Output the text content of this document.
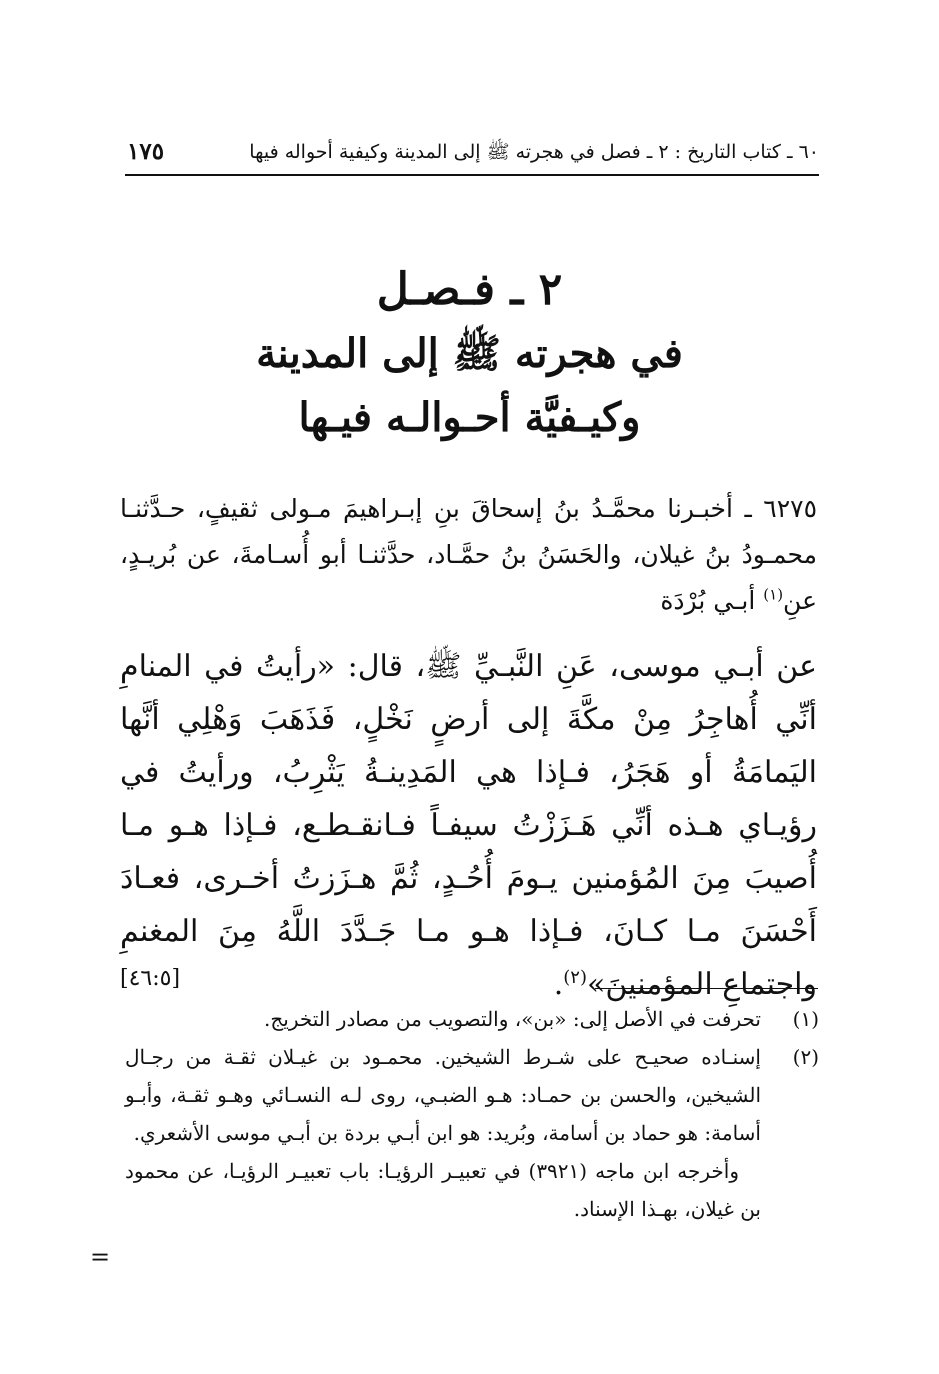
٦٠ ـ كتاب التاريخ : ٢ ـ فصل في هجرته ﷺ إلى المدينة وكيفية أحواله فيها
١٧٥
٢ ـ فـصـل
في هجرته ﷺ إلى المدينة
وكيـفيَّة أحـوالـه فيـها

٦٢٧٥ ـ أخبـرنا محمَّـدُ بنُ إسحاقَ بنِ إبـراهيمَ مـولى ثقيفٍ، حـدَّثنـا محمـودُ بنُ غيلان، والحَسَنُ بنُ حمَّـاد، حدَّثنـا أبو أُسـامةَ، عن بُريـدٍ، عنِ$^{(١)}$ أبـي بُرْدَة

عن أبـي موسى، عَنِ النَّبـيِّ ﷺ، قال: «رأيتُ في المنامِ أنِّي أُهاجِرُ مِنْ مكَّةَ إلى أرضٍ نَخْلٍ، فَذَهَبَ وَهْلِي أنَّها اليَمامَةُ أو هَجَرُ، فـإذا هي المَدِينـةُ يَثْرِبُ، ورأيتُ في رؤيـاي هـذه أنِّي هَـزَزْتُ سيفـاً فـانقـطـع، فـإذا هـو مـا أُصيبَ مِنَ المُؤمنين يـومَ أُحُـدٍ، ثُمَّ هـزَزتُ أخـرى، فعـادَ أَحْسَنَ مـا كـانَ، فـإذا هـو مـا جَـدَّدَ اللَّهُ مِنَ المغنمِ واجتماعِ المؤمنينَ»$^{(٢)}$.

[٤٦:٥]

(١)
تحرفت في الأصل إلى: «بن»، والتصويب من مصادر التخريج.

(٢)
إسنـاده صحيـح على شـرط الشيخين. محمـود بن غيـلان ثقـة من رجـال الشيخين، والحسن بن حمـاد: هـو الضبـي، روى لـه النسـائي وهـو ثقـة، وأبـو أسامة: هو حماد بن أسامة، وبُريد: هو ابن أبـي بردة بن أبـي موسى الأشعري.

وأخرجه ابن ماجه (٣٩٢١) في تعبيـر الرؤيـا: باب تعبيـر الرؤيـا، عن محمود بن غيلان، بهـذا الإسناد.

=
